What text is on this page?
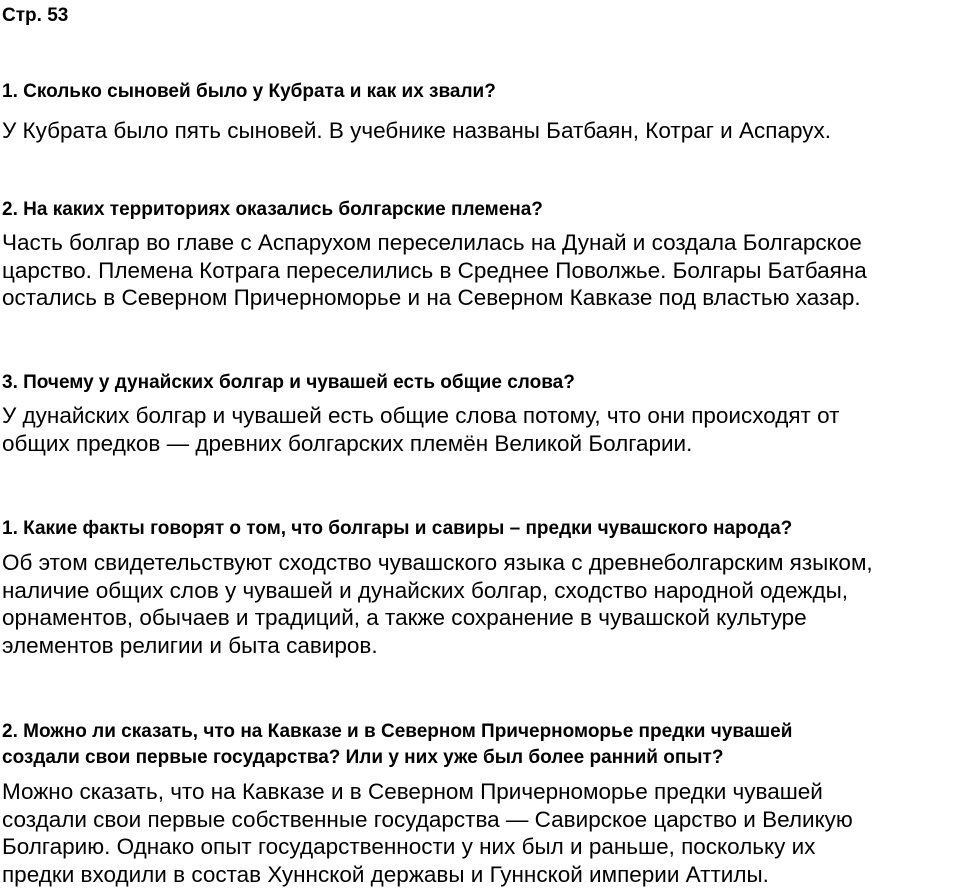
Стр. 53

1. Сколько сыновей было у Кубрата и как их звали?

У Кубрата было пять сыновей. В учебнике названы Батбаян, Котраг и Аспарух.

2. На каких территориях оказались болгарские племена?

Часть болгар во главе с Аспарухом переселилась на Дунай и создала Болгарское
царство. Племена Котрага переселились в Среднее Поволжье. Болгары Батбаяна
остались в Северном Причерноморье и на Северном Кавказе под властью хазар.

3. Почему у дунайских болгар и чувашей есть общие слова?

У дунайских болгар и чувашей есть общие слова потому, что они происходят от
общих предков — древних болгарских племён Великой Болгарии.

1. Какие факты говорят о том, что болгары и савиры – предки чувашского народа?

Об этом свидетельствуют сходство чувашского языка с древнеболгарским языком,
наличие общих слов у чувашей и дунайских болгар, сходство народной одежды,
орнаментов, обычаев и традиций, а также сохранение в чувашской культуре
элементов религии и быта савиров.

2. Можно ли сказать, что на Кавказе и в Северном Причерноморье предки чувашей
создали свои первые государства? Или у них уже был более ранний опыт?

Можно сказать, что на Кавказе и в Северном Причерноморье предки чувашей
создали свои первые собственные государства — Савирское царство и Великую
Болгарию. Однако опыт государственности у них был и раньше, поскольку их
предки входили в состав Хуннской державы и Гуннской империи Аттилы.
